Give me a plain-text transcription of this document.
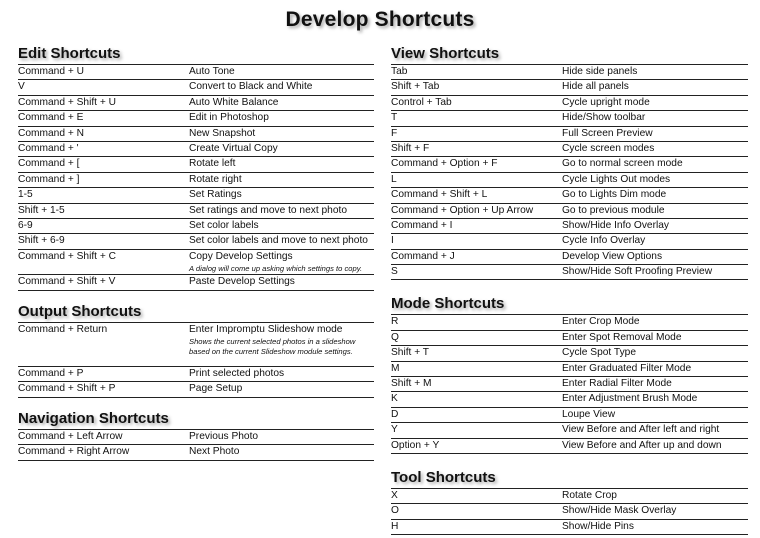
Develop Shortcuts
Edit Shortcuts
Command + U	Auto Tone
V	Convert to Black and White
Command + Shift + U	Auto White Balance
Command + E	Edit in Photoshop
Command + N	New Snapshot
Command + '	Create Virtual Copy
Command + [	Rotate left
Command + ]	Rotate right
1-5	Set Ratings
Shift + 1-5	Set ratings and move to next photo
6-9	Set color labels
Shift + 6-9	Set color labels and move to next photo
Command + Shift + C	Copy Develop Settings
A dialog will come up asking which settings to copy.
Command + Shift + V	Paste Develop Settings
Output Shortcuts
Command + Return	Enter Impromptu Slideshow mode
Shows the current selected photos in a slideshow based on the current Slideshow module settings.
Command + P	Print selected photos
Command + Shift + P	Page Setup
Navigation Shortcuts
Command + Left Arrow	Previous Photo
Command + Right Arrow	Next Photo
View Shortcuts
Tab	Hide side panels
Shift + Tab	Hide all panels
Control + Tab	Cycle upright mode
T	Hide/Show toolbar
F	Full Screen Preview
Shift + F	Cycle screen modes
Command + Option + F	Go to normal screen mode
L	Cycle Lights Out modes
Command + Shift + L	Go to Lights Dim mode
Command + Option + Up Arrow	Go to previous module
Command + I	Show/Hide Info Overlay
I	Cycle Info Overlay
Command + J	Develop View Options
S	Show/Hide Soft Proofing Preview
Mode Shortcuts
R	Enter Crop Mode
Q	Enter Spot Removal Mode
Shift + T	Cycle Spot Type
M	Enter Graduated Filter Mode
Shift + M	Enter Radial Filter Mode
K	Enter Adjustment Brush Mode
D	Loupe View
Y	View Before and After left and right
Option + Y	View Before and After up and down
Tool Shortcuts
X	Rotate Crop
O	Show/Hide Mask Overlay
H	Show/Hide Pins
